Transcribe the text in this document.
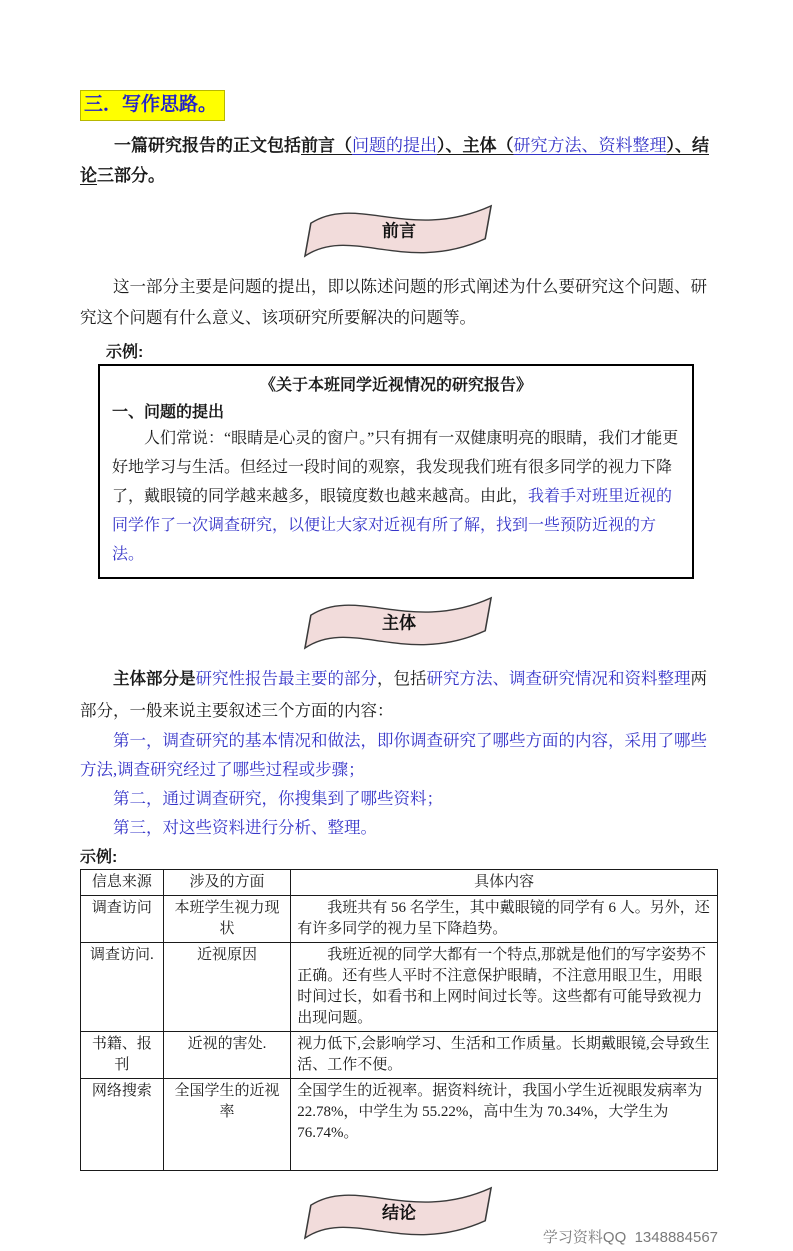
三．写作思路。

一篇研究报告的正文包括前言（问题的提出）、主体（研究方法、资料整理）、结论三部分。

前言

这一部分主要是问题的提出，即以陈述问题的形式阐述为什么要研究这个问题、研究这个问题有什么意义、该项研究所要解决的问题等。

示例:
《关于本班同学近视情况的研究报告》
一、问题的提出

人们常说：“眼睛是心灵的窗户。”只有拥有一双健康明亮的眼睛，我们才能更好地学习与生活。但经过一段时间的观察，我发现我们班有很多同学的视力下降了，戴眼镜的同学越来越多，眼镜度数也越来越高。由此，我着手对班里近视的同学作了一次调查研究，以便让大家对近视有所了解，找到一些预防近视的方法。

主体

主体部分是研究性报告最主要的部分，包括研究方法、调查研究情况和资料整理两部分，一般来说主要叙述三个方面的内容：

第一，调查研究的基本情况和做法，即你调查研究了哪些方面的内容，采用了哪些方法,调查研究经过了哪些过程或步骤；

第二，通过调查研究，你搜集到了哪些资料；

第三，对这些资料进行分析、整理。

示例:
信息来源	涉及的方面	具体内容
调查访问	本班学生视力现状	我班共有 56 名学生，其中戴眼镜的同学有 6 人。另外，还有许多同学的视力呈下降趋势。
调查访问.	近视原因	我班近视的同学大都有一个特点,那就是他们的写字姿势不正确。还有些人平时不注意保护眼睛，不注意用眼卫生，用眼时间过长，如看书和上网时间过长等。这些都有可能导致视力出现问题。
书籍、报刊	近视的害处.	视力低下,会影响学习、生活和工作质量。长期戴眼镜,会导致生活、工作不便。
网络搜索	全国学生的近视率	全国学生的近视率。据资料统计，我国小学生近视眼发病率为 22.78%，中学生为 55.22%，高中生为 70.34%，大学生为 76.74%。
结论
学习资料QQ  1348884567
